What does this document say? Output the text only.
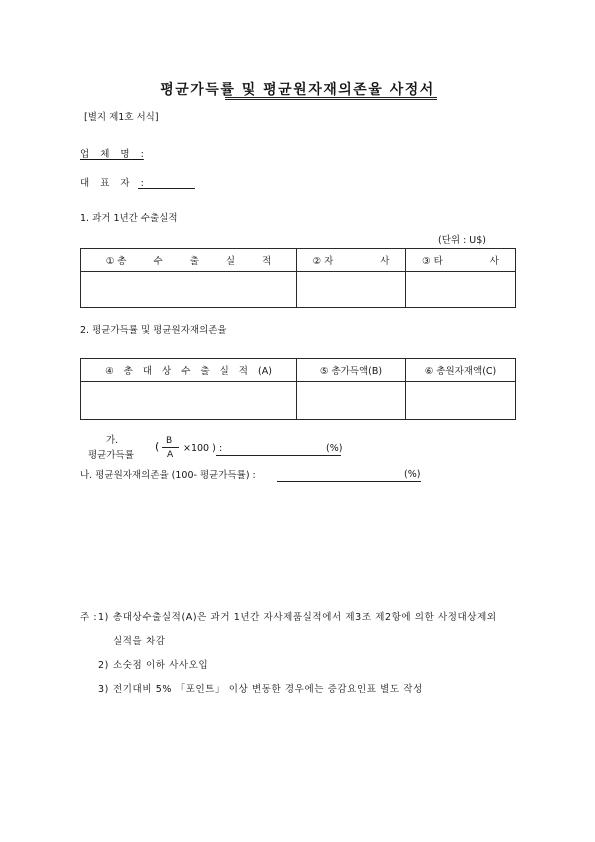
평균가득률 및 평균원자재의존율 사정서
[별지 제1호 서식]
업 체 명 :
대 표 자 :
1. 과거 1년간 수출실적
(단위 : U$)
① 총 수 출 실 적	② 자 사	③ 타 사

2. 평균가득률 및 평균원자재의존율
④ 총 대 상 수 출 실 적 (A)	⑤ 총가득액(B)	⑥ 총원자재액(C)

가.
평균가득률
( B
A
×100 ) :	(%)
나. 평균원자재의존율 (100- 평균가득률) :	(%)
주 : 1) 총대상수출실적(A)은 과거 1년간 자사제품실적에서 제3조 제2항에 의한 사정대상제외
실적을 차감
2) 소숫점 이하 사사오입
3) 전기대비 5% 「포인트」 이상 변동한 경우에는 증감요인표 별도 작성
